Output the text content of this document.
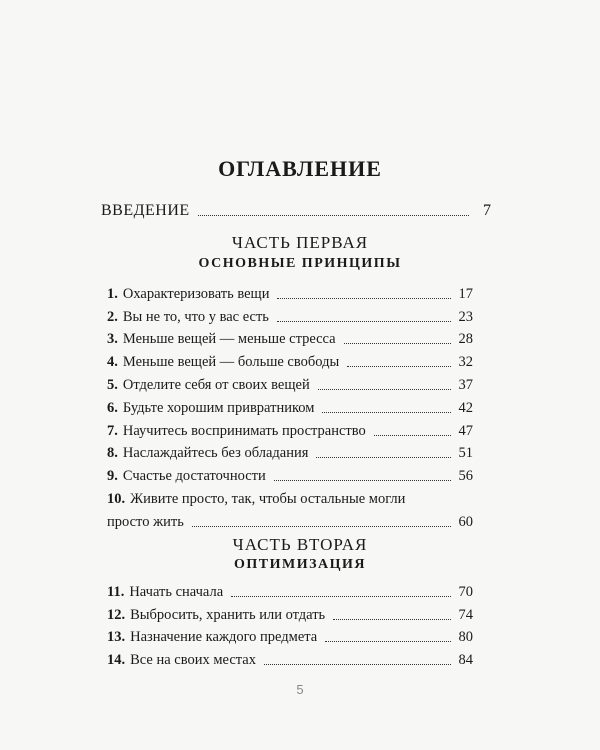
ОГЛАВЛЕНИЕ
ВВЕДЕНИЕ	7
ЧАСТЬ ПЕРВАЯ
ОСНОВНЫЕ ПРИНЦИПЫ
1. Охарактеризовать вещи	17
2. Вы не то, что у вас есть	23
3. Меньше вещей — меньше стресса	28
4. Меньше вещей — больше свободы	32
5. Отделите себя от своих вещей	37
6. Будьте хорошим привратником	42
7. Научитесь воспринимать пространство	47
8. Наслаждайтесь без обладания	51
9. Счастье достаточности	56
10. Живите просто, так, чтобы остальные могли
просто жить	60
ЧАСТЬ ВТОРАЯ
ОПТИМИЗАЦИЯ
11. Начать сначала	70
12. Выбросить, хранить или отдать	74
13. Назначение каждого предмета	80
14. Все на своих местах	84
5
